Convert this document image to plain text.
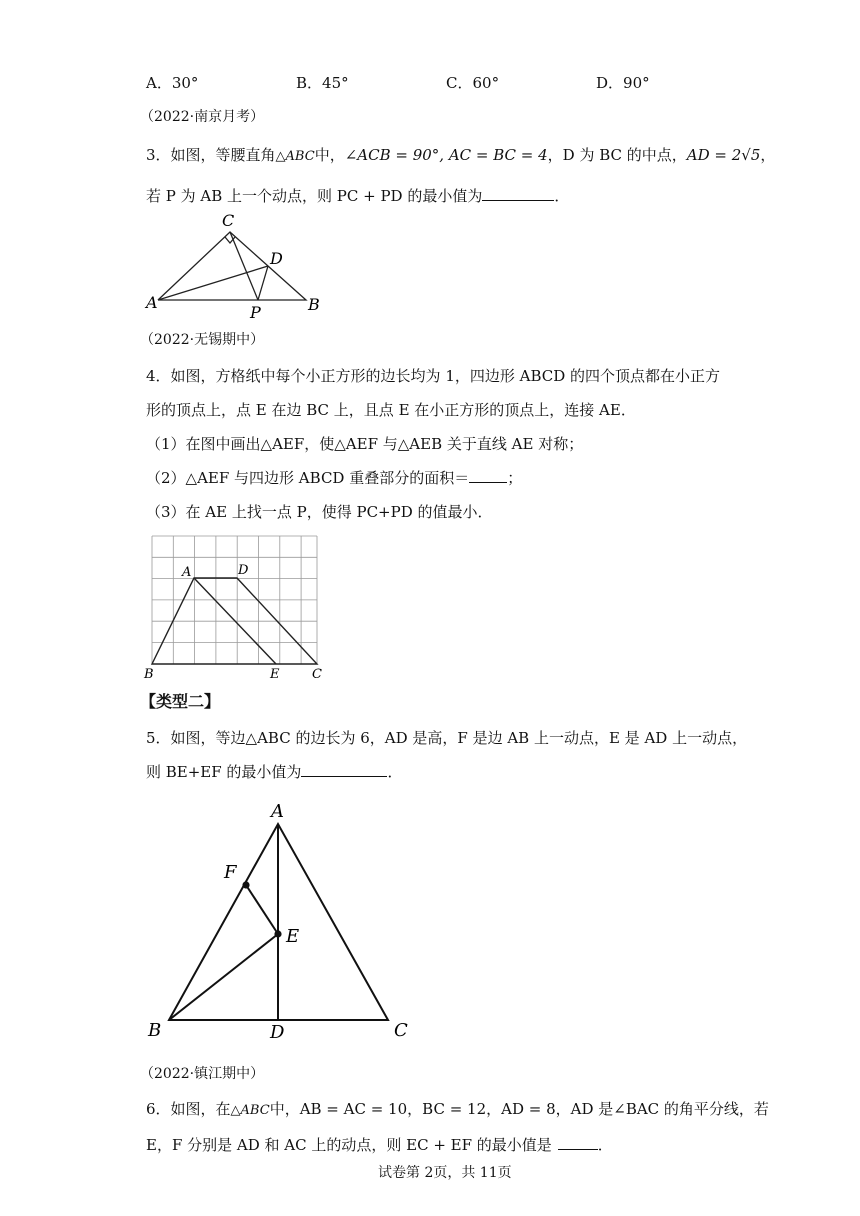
A．30°	B．45°	C．60°	D．90°
（2022·南京月考）
3．如图，等腰直角△ABC中，∠ACB = 90°, AC = BC = 4，D 为 BC 的中点，AD = 2√5，
若 P 为 AB 上一个动点，则 PC + PD 的最小值为	．
C
D
A	B
P
（2022·无锡期中）
4．如图，方格纸中每个小正方形的边长均为 1，四边形 ABCD 的四个顶点都在小正方
形的顶点上，点 E 在边 BC 上，且点 E 在小正方形的顶点上，连接 AE．
（1）在图中画出△AEF，使△AEF 与△AEB 关于直线 AE 对称；
（2）△AEF 与四边形 ABCD 重叠部分的面积＝	；
（3）在 AE 上找一点 P，使得 PC+PD 的值最小．
A	D
B	E	C
【类型二】
5．如图，等边△ABC 的边长为 6，AD 是高，F 是边 AB 上一动点，E 是 AD 上一动点，
则 BE+EF 的最小值为	．
A
F
E
B	D	C
（2022·镇江期中）
6．如图，在△ABC中，AB = AC = 10，BC = 12，AD = 8，AD 是∠BAC 的角平分线，若
E，F 分别是 AD 和 AC 上的动点，则 EC + EF 的最小值是	．
试卷第 2页，共 11页
